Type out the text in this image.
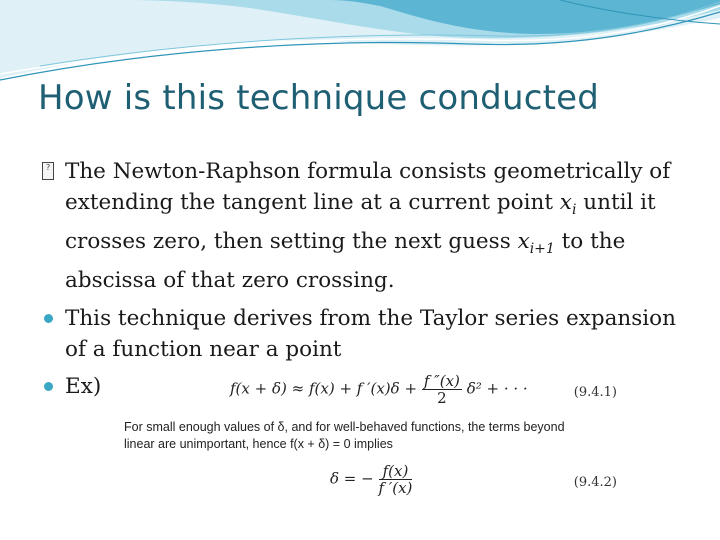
How is this technique conducted
? The Newton-Raphson formula consists geometrically of extending the tangent line at a current point $x_i$ until it crosses zero, then setting the next guess $x_{i+1}$ to the abscissa of that zero crossing.
This technique derives from the Taylor series expansion of a function near a point
Ex)	f(x + δ) ≈ f(x) + f $'(x)\delta + \frac{f ''(x)}{2} \delta^2$ + · · ·	(9.4.1)
For small enough values of δ, and for well-behaved functions, the terms beyond
linear are unimportant, hence f(x + δ) = 0 implies
δ = − $\frac{f(x)}{f '(x)}$	(9.4.2)
